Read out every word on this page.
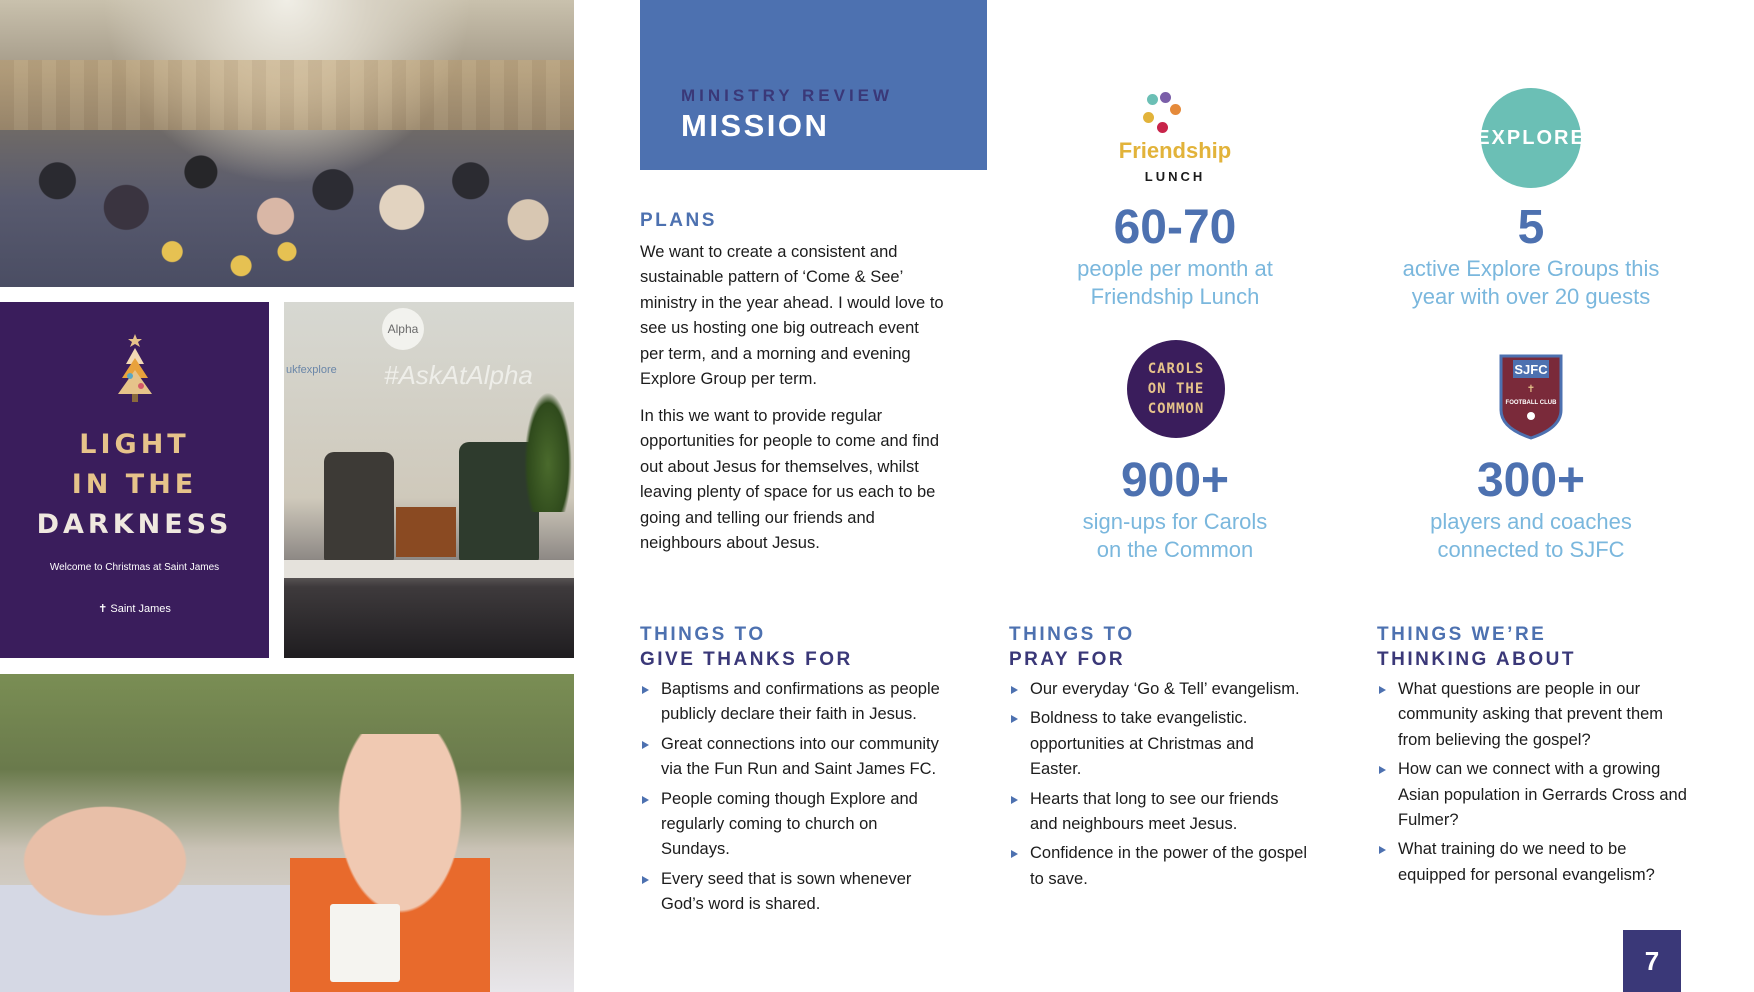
LIGHT
IN THE
DARKNESS
Welcome to Christmas at Saint James
✝ Saint James
#AskAtAlpha
Alpha
ukfexplore
MINISTRY REVIEW
MISSION
PLANS
We want to create a consistent and sustainable pattern of ‘Come & See’ ministry in the year ahead. I would love to see us hosting one big outreach event per term, and a morning and evening Explore Group per term.
In this we want to provide regular opportunities for people to come and find out about Jesus for themselves, whilst leaving plenty of space for us each to be going and telling our friends and neighbours about Jesus.
Friendship
LUNCH
EXPLORE
CAROLS
ON THE
COMMON
SJFC
✝
FOOTBALL CLUB
60-70
people per month at
Friendship Lunch
5
active Explore Groups this
year with over 20 guests
900+
sign-ups for Carols
on the Common
300+
players and coaches
connected to SJFC
THINGS TO
GIVE THANKS FOR
Baptisms and confirmations as people publicly declare their faith in Jesus.
Great connections into our community via the Fun Run and Saint James FC.
People coming though Explore and regularly coming to church on Sundays.
Every seed that is sown whenever God’s word is shared.
THINGS TO
PRAY FOR
Our everyday ‘Go & Tell’ evangelism.
Boldness to take evangelistic. opportunities at Christmas and Easter.
Hearts that long to see our friends and neighbours meet Jesus.
Confidence in the power of the gospel to save.
THINGS WE’RE
THINKING ABOUT
What questions are people in our community asking that prevent them from believing the gospel?
How can we connect with a growing Asian population in Gerrards Cross and Fulmer?
What training do we need to be equipped for personal evangelism?
7
